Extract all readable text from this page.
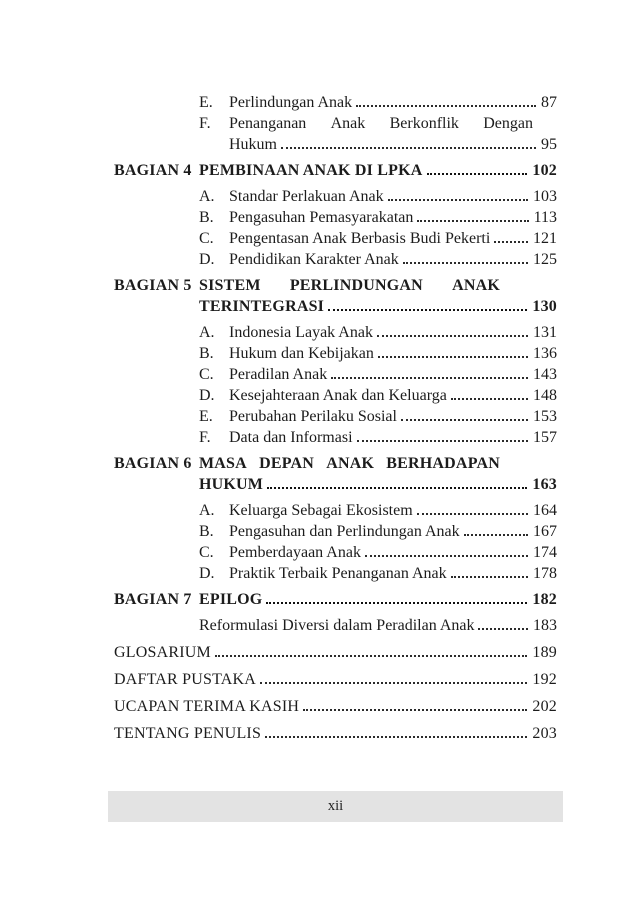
E.	Perlindungan Anak	87
F.	Penanganan Anak Berkonflik Dengan
Hukum	95
BAGIAN 4 PEMBINAAN ANAK DI LPKA	102
A. Standar Perlakuan Anak	103
B. Pengasuhan Pemasyarakatan	113
C. Pengentasan Anak Berbasis Budi Pekerti	121
D. Pendidikan Karakter Anak	125
BAGIAN 5 SISTEM PERLINDUNGAN ANAK
TERINTEGRASI	130
A. Indonesia Layak Anak	131
B. Hukum dan Kebijakan	136
C. Peradilan Anak	143
D. Kesejahteraan Anak dan Keluarga	148
E.	Perubahan Perilaku Sosial	153
F.	Data dan Informasi	157
BAGIAN 6 MASA DEPAN ANAK BERHADAPAN
HUKUM	163
A. Keluarga Sebagai Ekosistem	164
B. Pengasuhan dan Perlindungan Anak	167
C. Pemberdayaan Anak	174
D. Praktik Terbaik Penanganan Anak	178
BAGIAN 7 EPILOG	182
Reformulasi Diversi dalam Peradilan Anak	183
GLOSARIUM	189
DAFTAR PUSTAKA	192
UCAPAN TERIMA KASIH	202
TENTANG PENULIS	203
xii
